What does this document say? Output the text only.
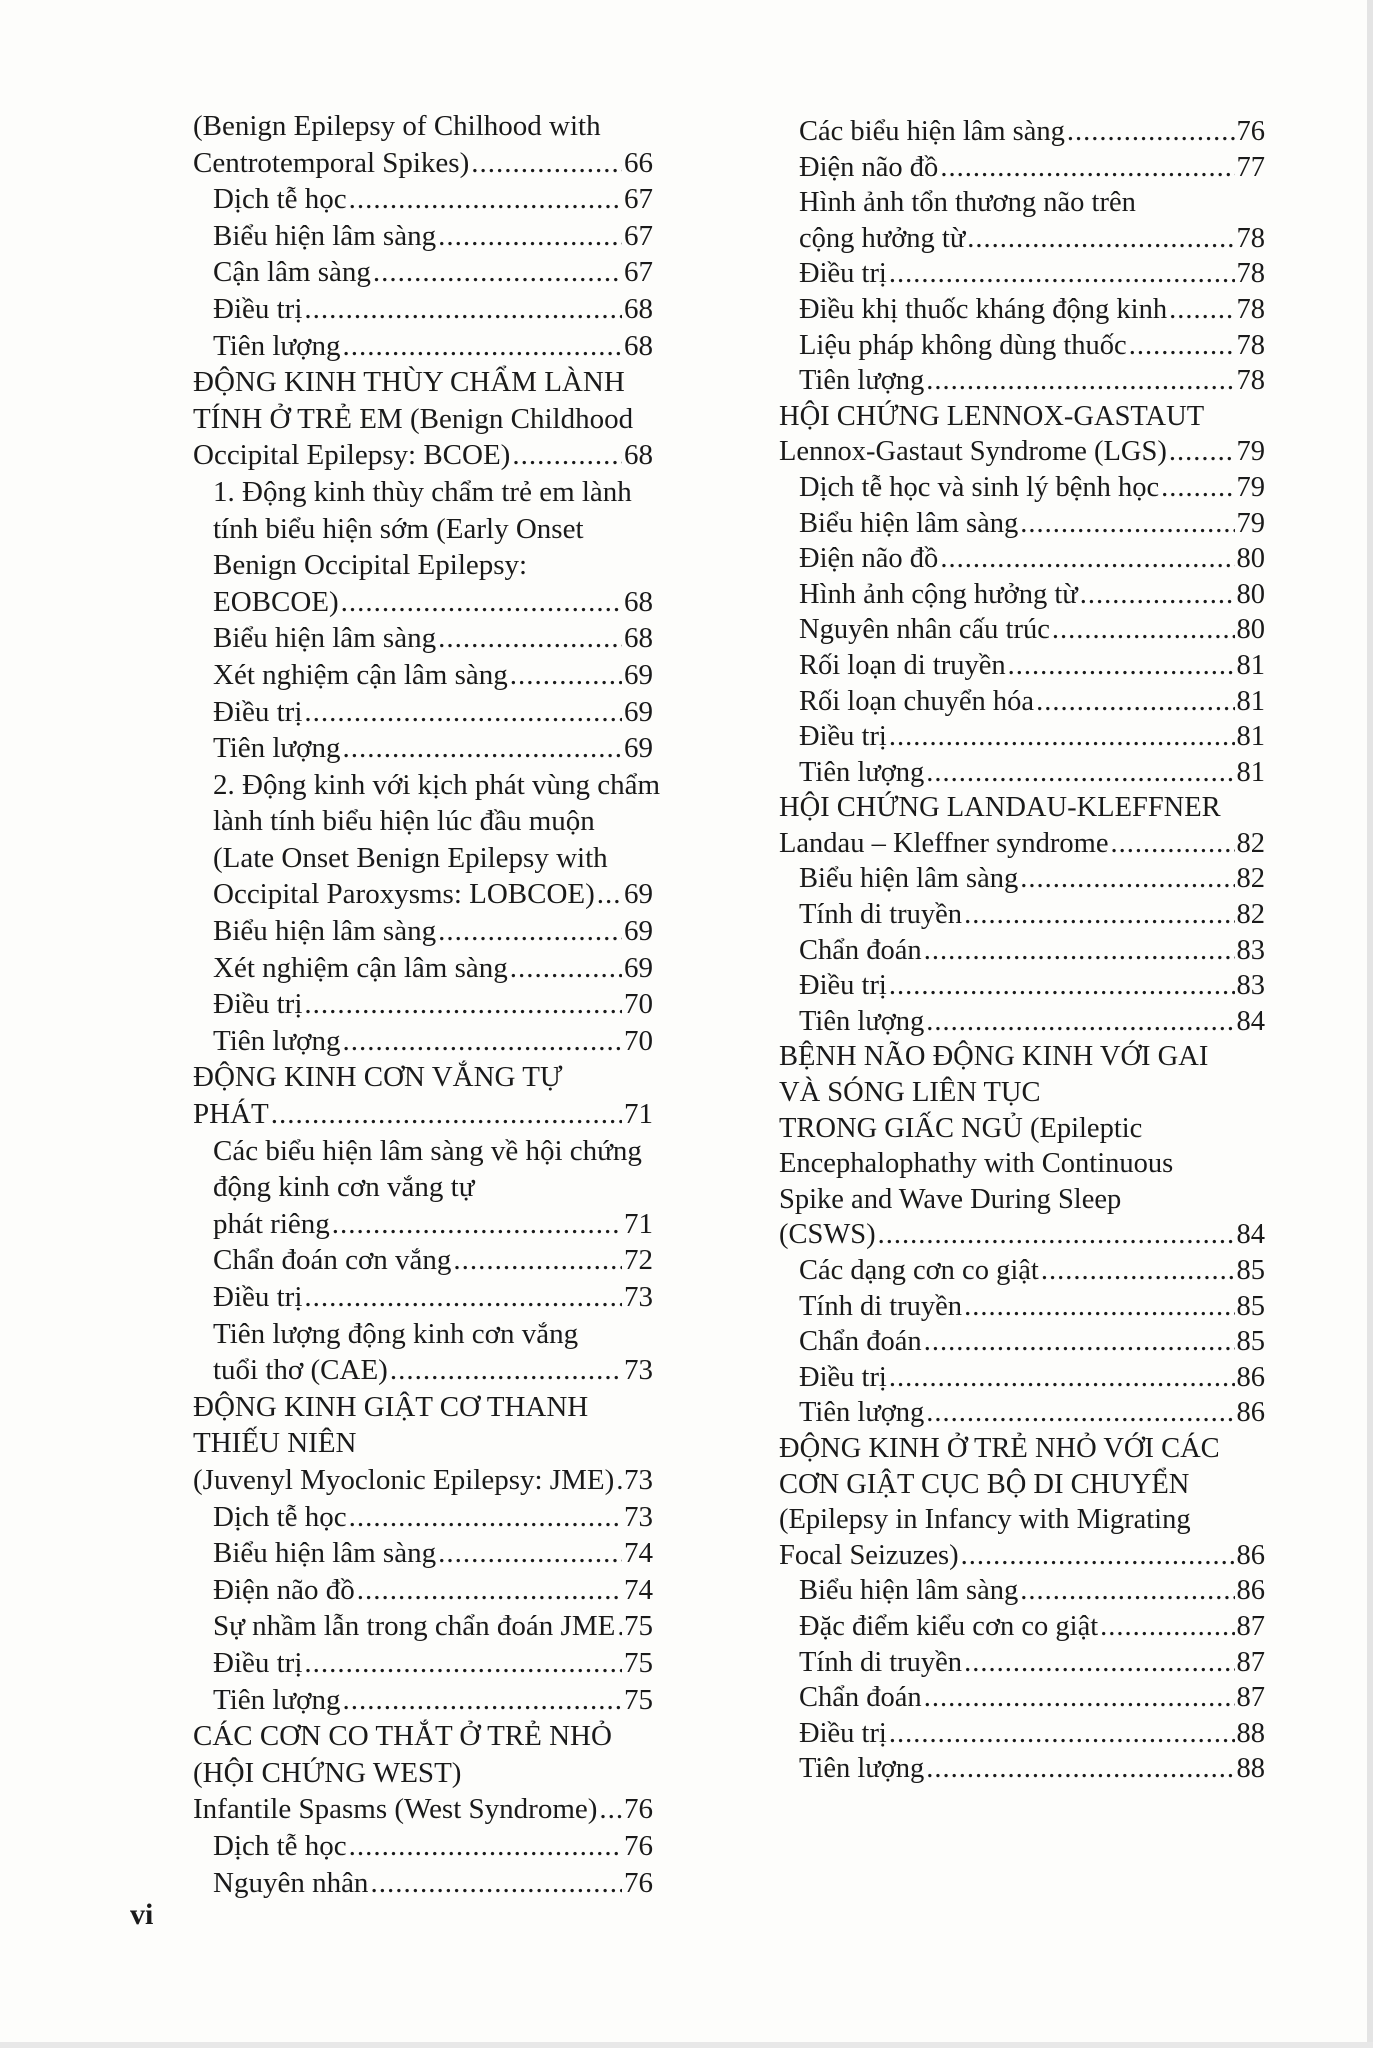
(Benign Epilepsy of Chilhood with
Centrotemporal Spikes) .....	66
Dịch tễ học .....	67
Biểu hiện lâm sàng .....	67
Cận lâm sàng .....	67
Điều trị .....	68
Tiên lượng .....	68
ĐỘNG KINH THÙY CHẨM LÀNH
TÍNH Ở TRẺ EM (Benign Childhood
Occipital Epilepsy: BCOE) .....	68
1. Động kinh thùy chẩm trẻ em lành
tính biểu hiện sớm (Early Onset
Benign Occipital Epilepsy:
EOBCOE) .....	68
Biểu hiện lâm sàng .....	68
Xét nghiệm cận lâm sàng .....	69
Điều trị .....	69
Tiên lượng .....	69
2. Động kinh với kịch phát vùng chẩm
lành tính biểu hiện lúc đầu muộn
(Late Onset Benign Epilepsy with
Occipital Paroxysms: LOBCOE) ..... 69
Biểu hiện lâm sàng .....	69
Xét nghiệm cận lâm sàng .....	69
Điều trị .....	70
Tiên lượng .....	70
ĐỘNG KINH CƠN VẮNG TỰ
PHÁT .....	71
Các biểu hiện lâm sàng về hội chứng
động kinh cơn vắng tự
phát riêng .....	71
Chẩn đoán cơn vắng .....	72
Điều trị .....	73
Tiên lượng động kinh cơn vắng
tuổi thơ (CAE) .....	73
ĐỘNG KINH GIẬT CƠ THANH
THIẾU NIÊN
(Juvenyl Myoclonic Epilepsy: JME) ..... 73
Dịch tễ học .....	73
Biểu hiện lâm sàng .....	74
Điện não đồ .....	74
Sự nhầm lẫn trong chẩn đoán JME ..... 75
Điều trị .....	75
Tiên lượng .....	75
CÁC CƠN CO THẮT Ở TRẺ NHỎ
(HỘI CHỨNG WEST)
Infantile Spasms (West Syndrome) ..... 76
Dịch tễ học .....	76
Nguyên nhân .....	76
Các biểu hiện lâm sàng .....	76
Điện não đồ .....	77
Hình ảnh tổn thương não trên
cộng hưởng từ .....	78
Điều trị .....	78
Điều khị thuốc kháng động kinh ..... 78
Liệu pháp không dùng thuốc .....	78
Tiên lượng .....	78
HỘI CHỨNG LENNOX-GASTAUT
Lennox-Gastaut Syndrome (LGS) ..... 79
Dịch tễ học và sinh lý bệnh học .....	79
Biểu hiện lâm sàng .....	79
Điện não đồ .....	80
Hình ảnh cộng hưởng từ .....	80
Nguyên nhân cấu trúc .....	80
Rối loạn di truyền .....	81
Rối loạn chuyển hóa .....	81
Điều trị .....	81
Tiên lượng .....	81
HỘI CHỨNG LANDAU-KLEFFNER
Landau – Kleffner syndrome .....	82
Biểu hiện lâm sàng .....	82
Tính di truyền .....	82
Chẩn đoán .....	83
Điều trị .....	83
Tiên lượng .....	84
BỆNH NÃO ĐỘNG KINH VỚI GAI
VÀ SÓNG LIÊN TỤC
TRONG GIẤC NGỦ (Epileptic
Encephalophathy with Continuous
Spike and Wave During Sleep
(CSWS) .....	84
Các dạng cơn co giật .....	85
Tính di truyền .....	85
Chẩn đoán .....	85
Điều trị .....	86
Tiên lượng .....	86
ĐỘNG KINH Ở TRẺ NHỎ VỚI CÁC
CƠN GIẬT CỤC BỘ DI CHUYỂN
(Epilepsy in Infancy with Migrating
Focal Seizuzes) .....	86
Biểu hiện lâm sàng .....	86
Đặc điểm kiểu cơn co giật .....	87
Tính di truyền .....	87
Chẩn đoán .....	87
Điều trị .....	88
Tiên lượng .....	88
vi
